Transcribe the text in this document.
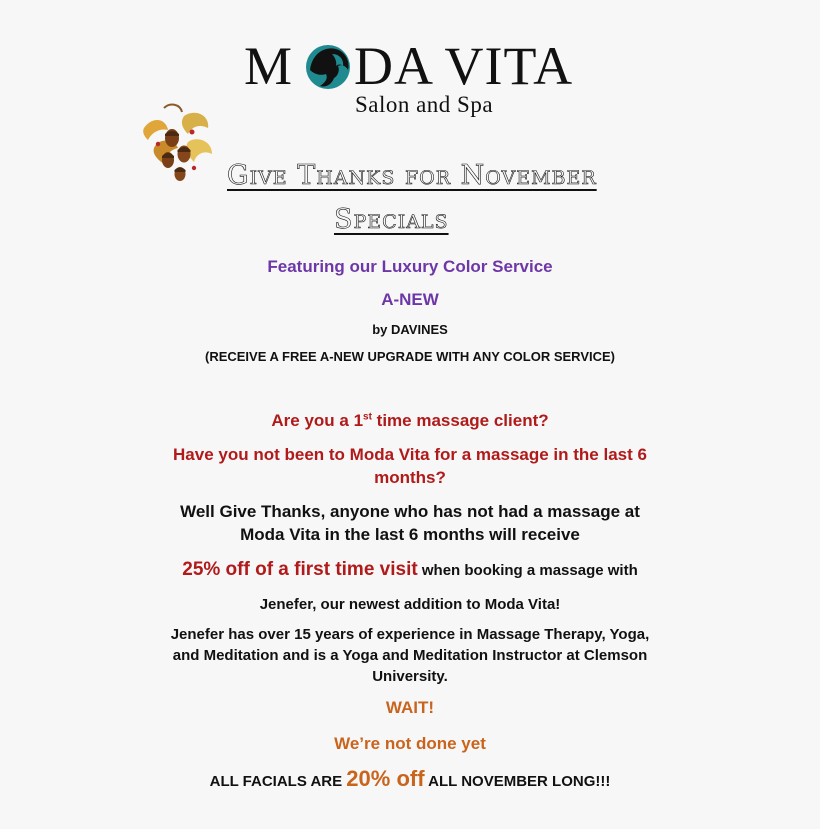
M DA VITA
Salon and Spa
Give Thanks for November
Specials
Featuring our Luxury Color Service
A-NEW
by DAVINES
(RECEIVE A FREE A-NEW UPGRADE WITH ANY COLOR SERVICE)
Are you a 1st time massage client?
Have you not been to Moda Vita for a massage in the last 6
months?
Well Give Thanks, anyone who has not had a massage at
Moda Vita in the last 6 months will receive
25% off of a first time visit when booking a massage with
Jenefer, our newest addition to Moda Vita!
Jenefer has over 15 years of experience in Massage Therapy, Yoga,
and Meditation and is a Yoga and Meditation Instructor at Clemson
University.
WAIT!
We’re not done yet
ALL FACIALS ARE 20% off ALL NOVEMBER LONG!!!
